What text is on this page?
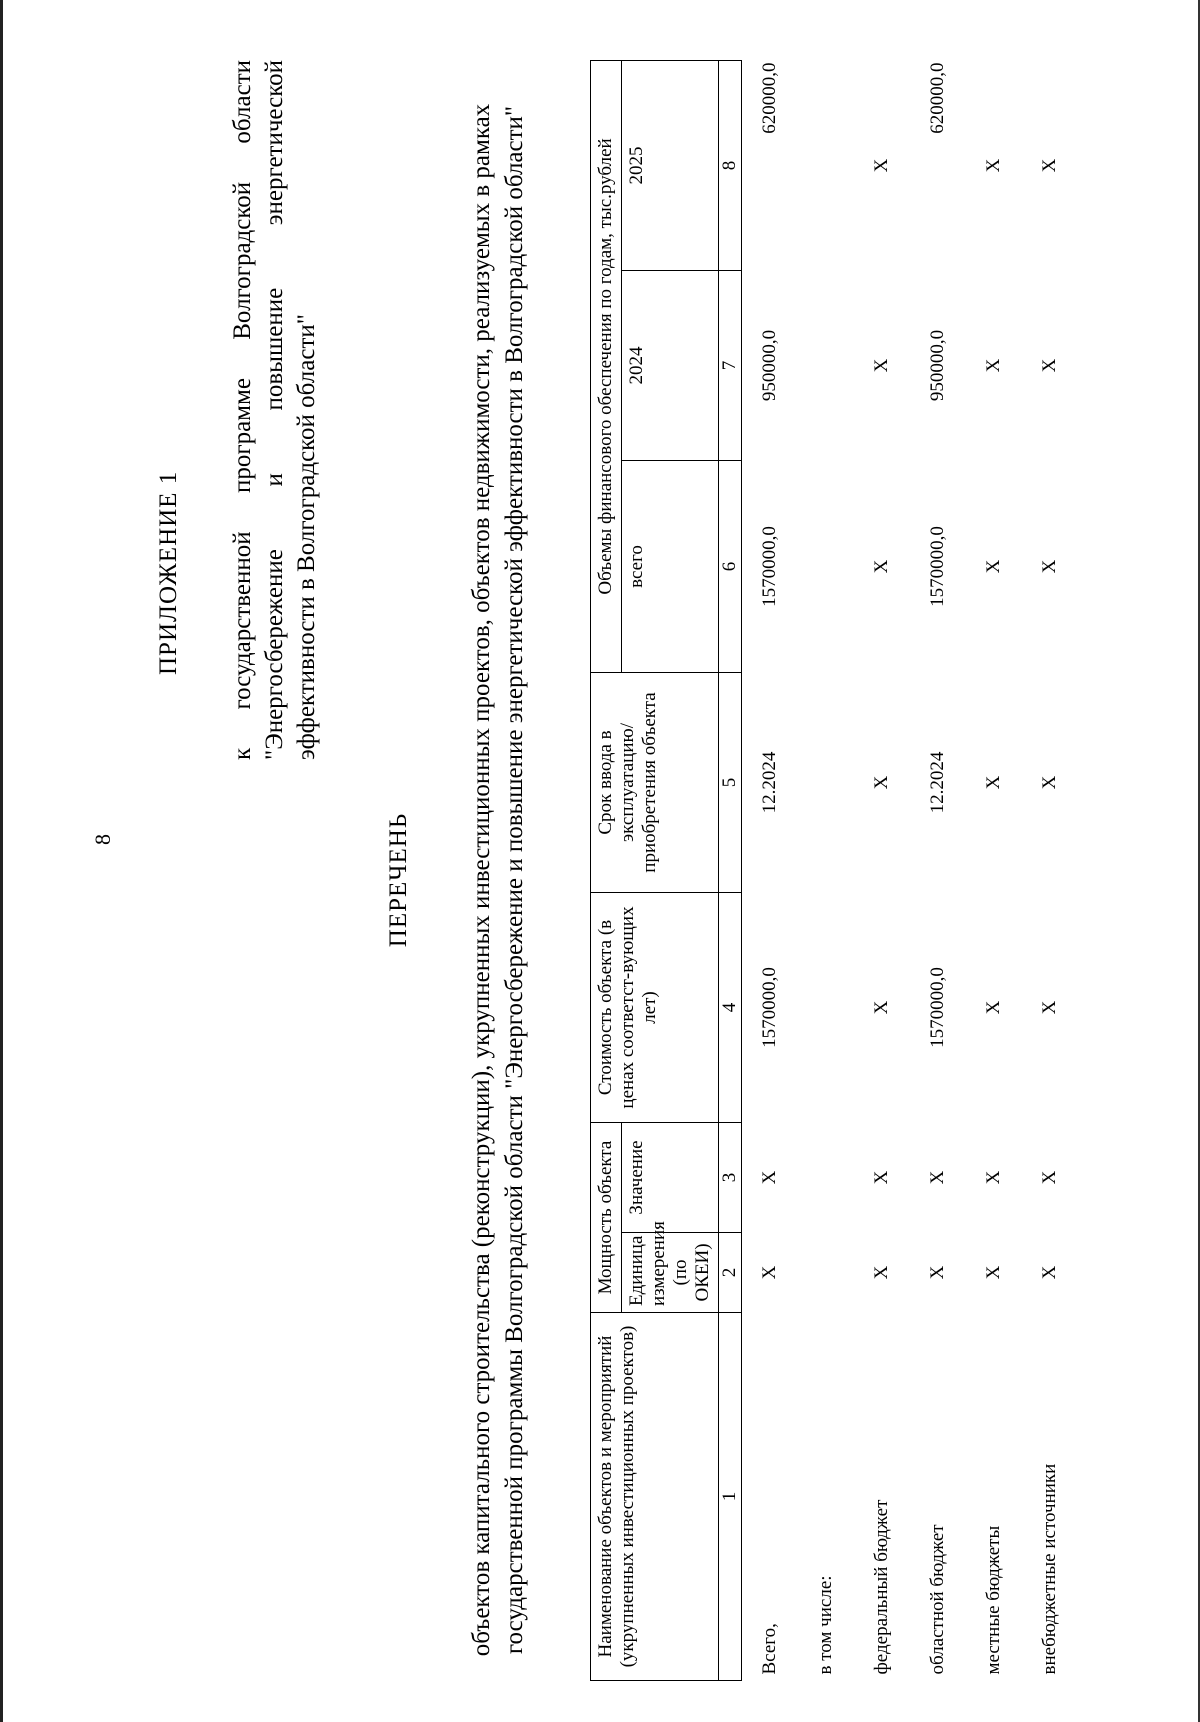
8
ПРИЛОЖЕНИЕ 1 к государственной программе Волгоградской области "Энергосбережение и повышение энергетической эффективности в Волгоградской области"
ПЕРЕЧЕНЬ объектов капитального строительства (реконструкции), укрупненных инвестиционных проектов, объектов недвижимости, реализуемых в рамках государственной программы Волгоградской области "Энергосбережение и повышение энергетической эффективности в Волгоградской области"	Наименование объектов и мероприятий (укрупненных инвестиционных проектов)	Мощность объекта		Стоимость объекта (в ценах соответст-вующих лет)	Срок ввода в эксплуатацию/ приобретения объекта	Объемы финансового обеспечения по годам, тыс.рублей		
	Единица измерения (по ОКЕИ)	Значение			всего	2024	2025
1	2	3	4	5	6	7	8
Всего,	Х	Х	1570000,0	12.2024	1570000,0	950000,0	620000,0
в том числе:							
федеральный бюджет	Х	Х	Х	Х	Х	Х	Х
областной бюджет	Х	Х	1570000,0	12.2024	1570000,0	950000,0	620000,0
местные бюджеты	Х	Х	Х	Х	Х	Х	Х
внебюджетные источники	Х	Х	Х	Х	Х	Х	Х
